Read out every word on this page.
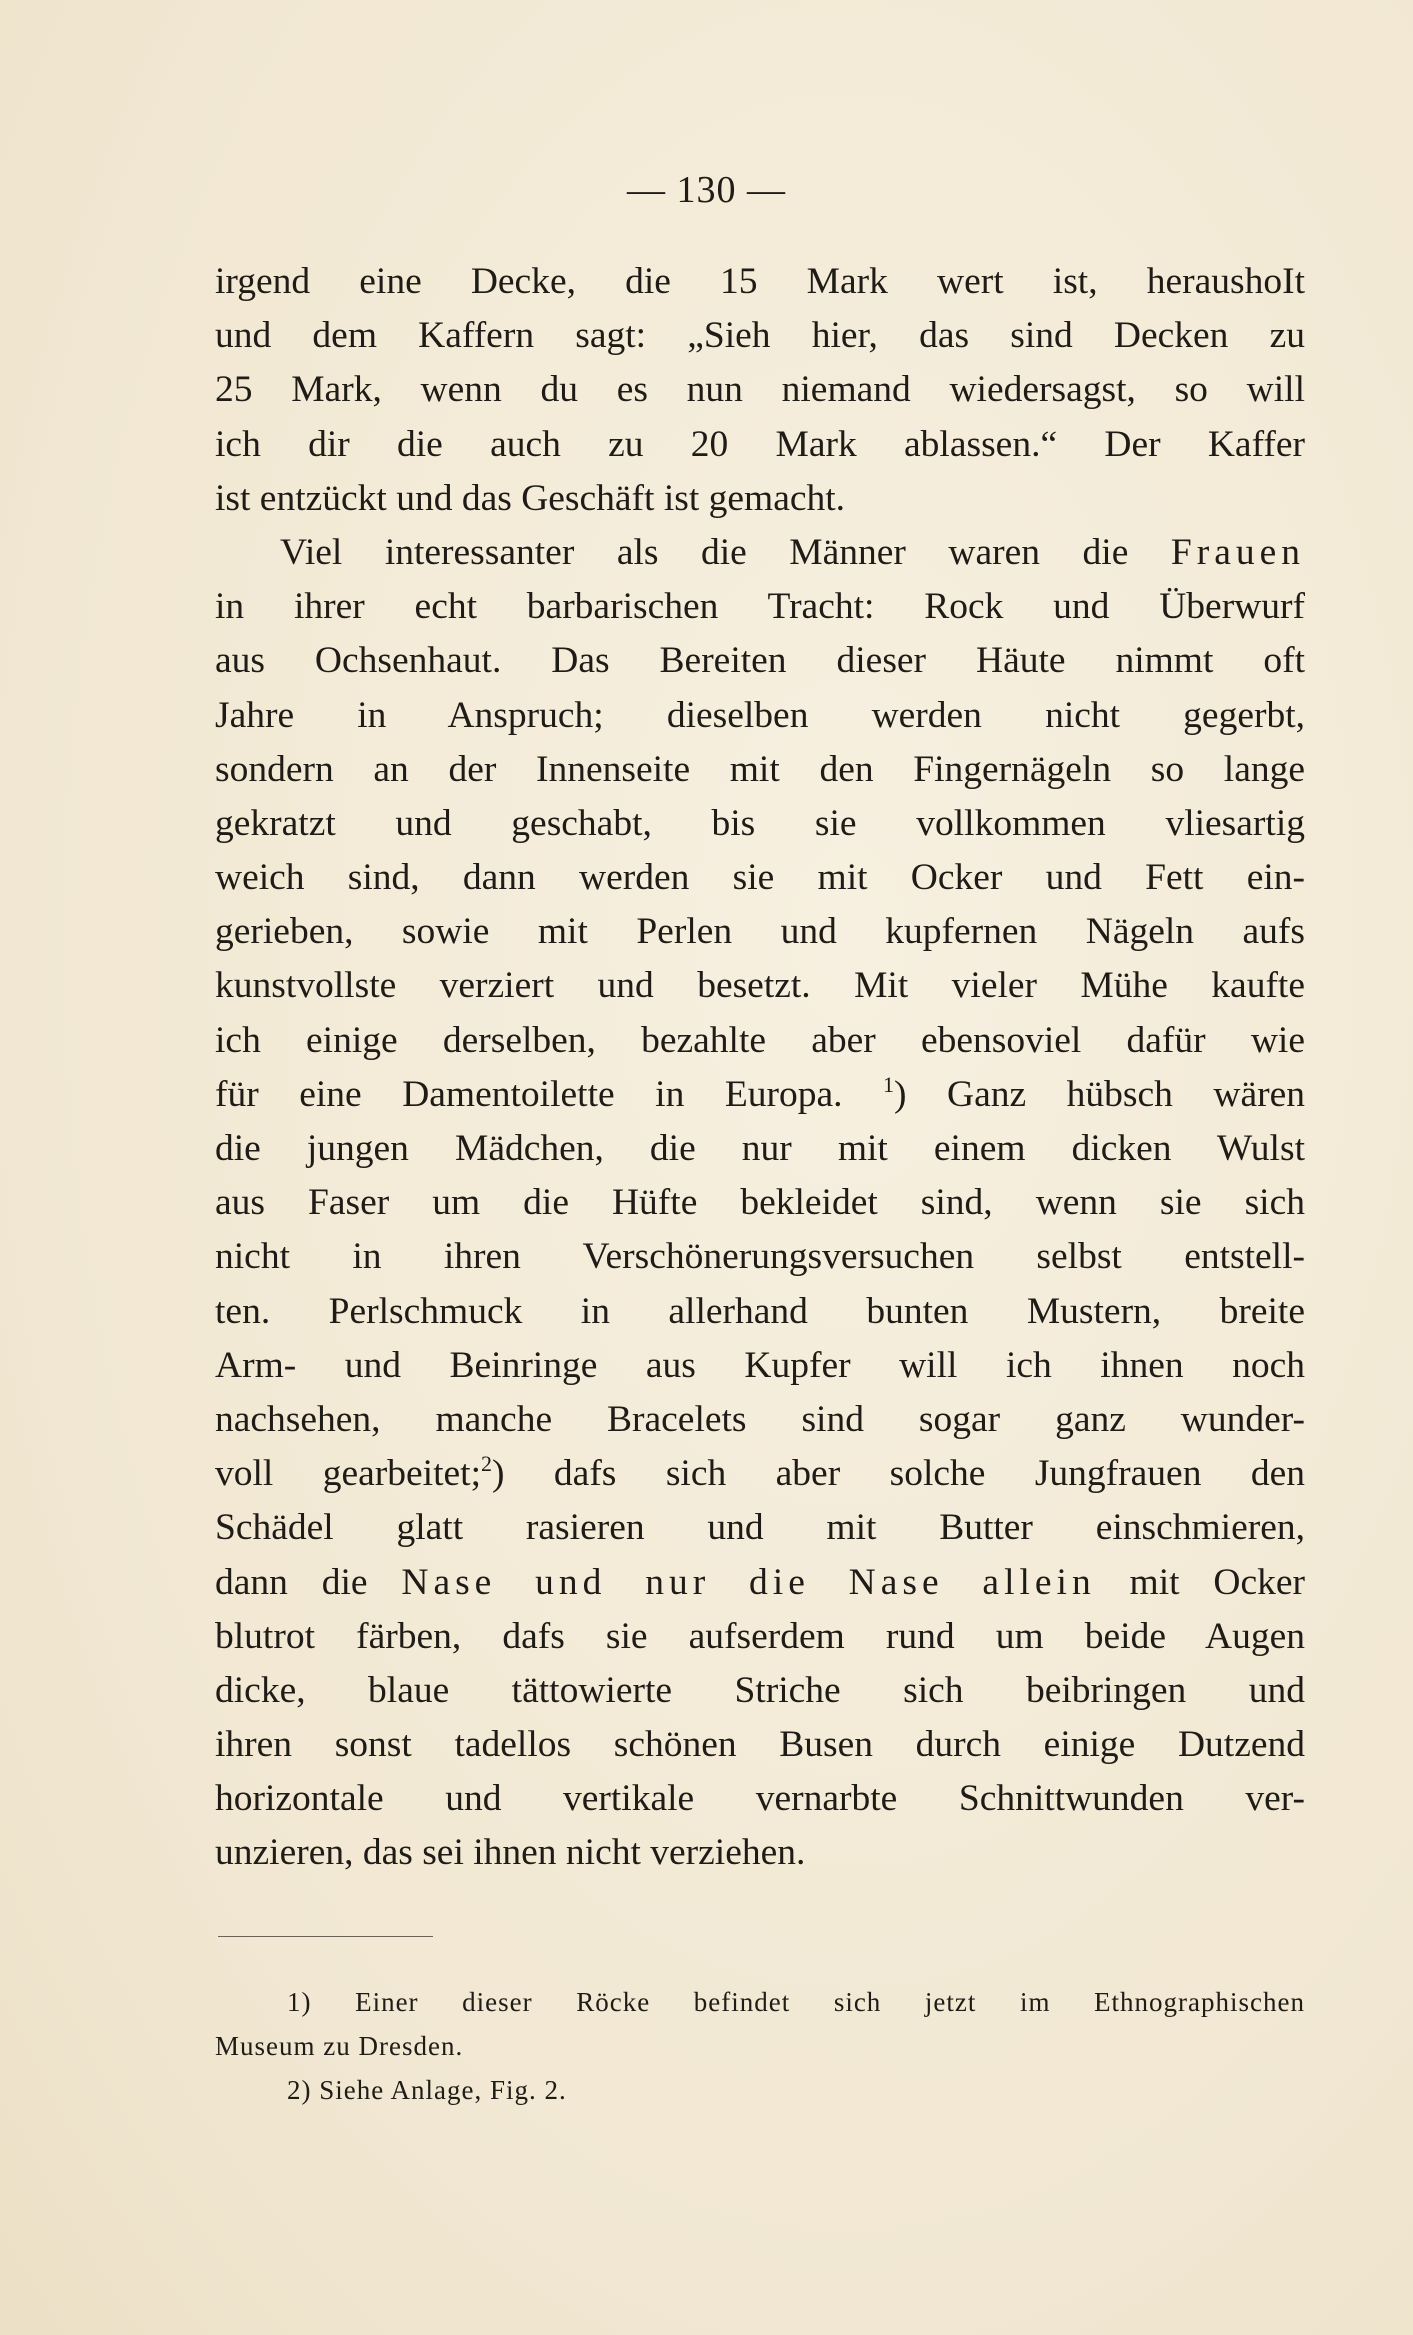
— 130 —
irgend eine Decke, die 15 Mark wert ist, heraushoIt
und dem Kaffern sagt: „Sieh hier, das sind Decken zu
25 Mark, wenn du es nun niemand wiedersagst, so will
ich dir die auch zu 20 Mark ablassen.“ Der Kaffer
ist entzückt und das Geschäft ist gemacht.
Viel interessanter als die Männer waren die Frauen
in ihrer echt barbarischen Tracht: Rock und Überwurf
aus Ochsenhaut. Das Bereiten dieser Häute nimmt oft
Jahre in Anspruch; dieselben werden nicht gegerbt,
sondern an der Innenseite mit den Fingernägeln so lange
gekratzt und geschabt, bis sie vollkommen vliesartig
weich sind, dann werden sie mit Ocker und Fett ein-
gerieben, sowie mit Perlen und kupfernen Nägeln aufs
kunstvollste verziert und besetzt. Mit vieler Mühe kaufte
ich einige derselben, bezahlte aber ebensoviel dafür wie
für eine Damentoilette in Europa. $^1$) Ganz hübsch wären
die jungen Mädchen, die nur mit einem dicken Wulst
aus Faser um die Hüfte bekleidet sind, wenn sie sich
nicht in ihren Verschönerungsversuchen selbst entstell-
ten. Perlschmuck in allerhand bunten Mustern, breite
Arm- und Beinringe aus Kupfer will ich ihnen noch
nachsehen, manche Bracelets sind sogar ganz wunder-
voll gearbeitet;$^2$) dafs sich aber solche Jungfrauen den
Schädel glatt rasieren und mit Butter einschmieren,
dann die Nase und nur die Nase allein mit Ocker
blutrot färben, dafs sie aufserdem rund um beide Augen
dicke, blaue tättowierte Striche sich beibringen und
ihren sonst tadellos schönen Busen durch einige Dutzend
horizontale und vertikale vernarbte Schnittwunden ver-
unzieren, das sei ihnen nicht verziehen.
1) Einer dieser Röcke befindet sich jetzt im Ethnographischen
Museum zu Dresden.
2) Siehe Anlage, Fig. 2.
